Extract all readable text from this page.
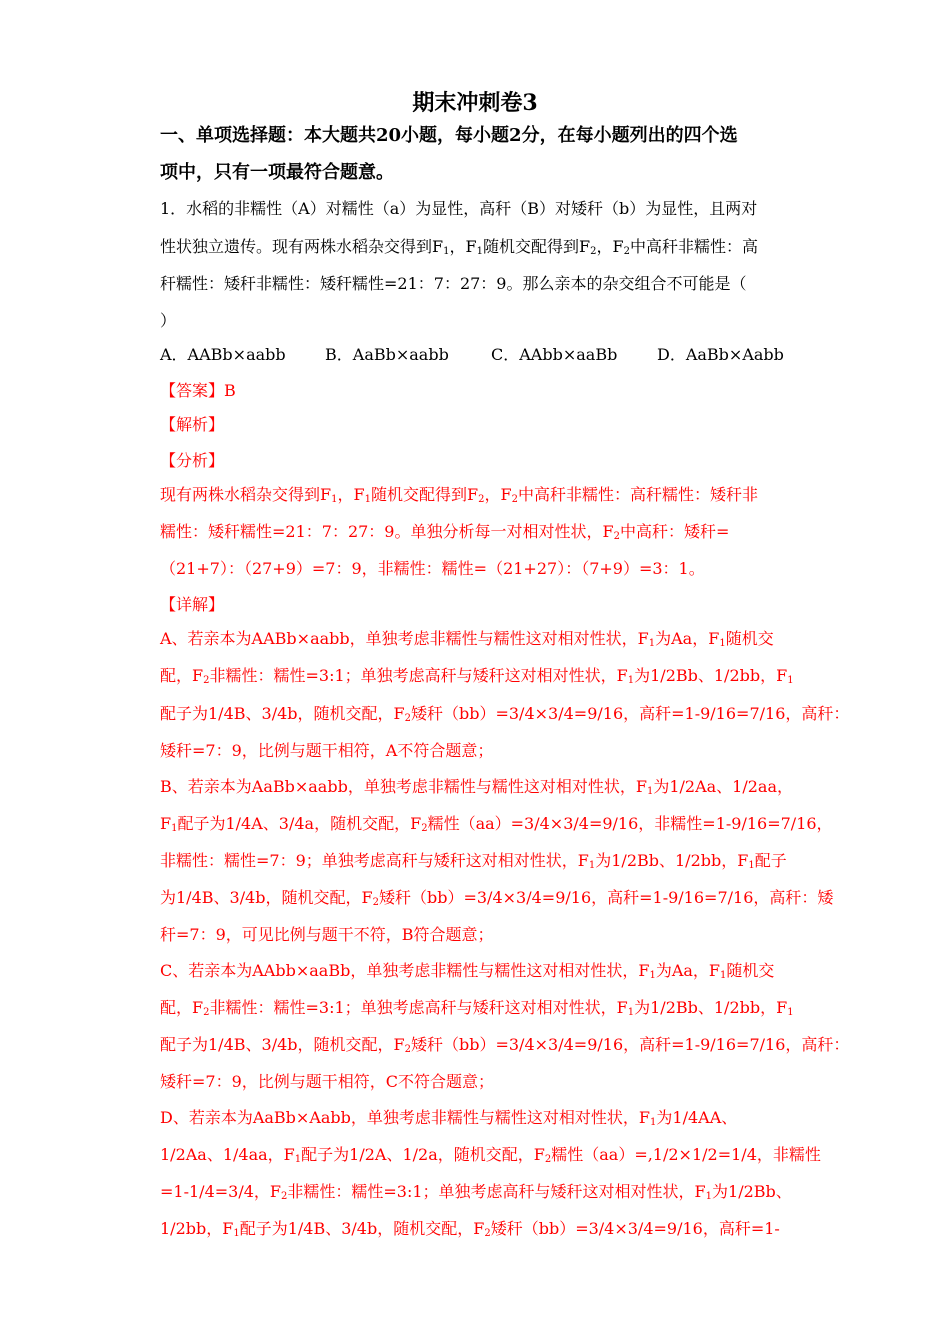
期末冲刺卷3
一、单项选择题：本大题共20小题，每小题2分，在每小题列出的四个选
项中，只有一项最符合题意。
1．水稻的非糯性（A）对糯性（a）为显性，高秆（B）对矮秆（b）为显性，且两对
性状独立遗传。现有两株水稻杂交得到$F_1$，$F_1$随机交配得到$F_2$，$F_2$中高秆非糯性：高
秆糯性：矮秆非糯性：矮秆糯性=21：7：27：9。那么亲本的杂交组合不可能是（
）
A．AABb×aabb B．AaBb×aabb	C．AAbb×aaBb D．AaBb×Aabb
【答案】B
【解析】
【分析】
现有两株水稻杂交得到$F_1$，$F_1$随机交配得到$F_2$，$F_2$中高秆非糯性：高秆糯性：矮秆非
糯性：矮秆糯性=21：7：27：9。单独分析每一对相对性状，$F_2$中高秆：矮秆=
（21+7）：（27+9）=7：9，非糯性：糯性=（21+27）：（7+9）=3：1。
【详解】
A、若亲本为AABb×aabb，单独考虑非糯性与糯性这对相对性状，$F_1$为Aa，$F_1$随机交
配，$F_2$非糯性：糯性=3:1；单独考虑高秆与矮秆这对相对性状，$F_1$为1/2Bb、1/2bb，$F_1$
配子为1/4B、3/4b，随机交配，$F_2$矮秆（bb）=3/4×3/4=9/16，高秆=1-9/16=7/16，高秆：
矮秆=7：9，比例与题干相符，A不符合题意；
B、若亲本为AaBb×aabb，单独考虑非糯性与糯性这对相对性状，$F_1$为1/2Aa、1/2aa，
$F_1$配子为1/4A、3/4a，随机交配，$F_2$糯性（aa）=3/4×3/4=9/16，非糯性=1-9/16=7/16，
非糯性：糯性=7：9；单独考虑高秆与矮秆这对相对性状，$F_1$为1/2Bb、1/2bb，$F_1$配子
为1/4B、3/4b，随机交配，$F_2$矮秆（bb）=3/4×3/4=9/16，高秆=1-9/16=7/16，高秆：矮
秆=7：9，可见比例与题干不符，B符合题意；
C、若亲本为AAbb×aaBb，单独考虑非糯性与糯性这对相对性状，$F_1$为Aa，$F_1$随机交
配，$F_2$非糯性：糯性=3:1；单独考虑高秆与矮秆这对相对性状，$F_1$为1/2Bb、1/2bb，$F_1$
配子为1/4B、3/4b，随机交配，$F_2$矮秆（bb）=3/4×3/4=9/16，高秆=1-9/16=7/16，高秆：
矮秆=7：9，比例与题干相符，C不符合题意；
D、若亲本为AaBb×Aabb，单独考虑非糯性与糯性这对相对性状，$F_1$为1/4AA、
1/2Aa、1/4aa，$F_1$配子为1/2A、1/2a，随机交配，$F_2$糯性（aa）=,1/2×1/2=1/4，非糯性
=1-1/4=3/4，$F_2$非糯性：糯性=3:1；单独考虑高秆与矮秆这对相对性状，$F_1$为1/2Bb、
1/2bb，$F_1$配子为1/4B、3/4b，随机交配，$F_2$矮秆（bb）=3/4×3/4=9/16，高秆=1-
